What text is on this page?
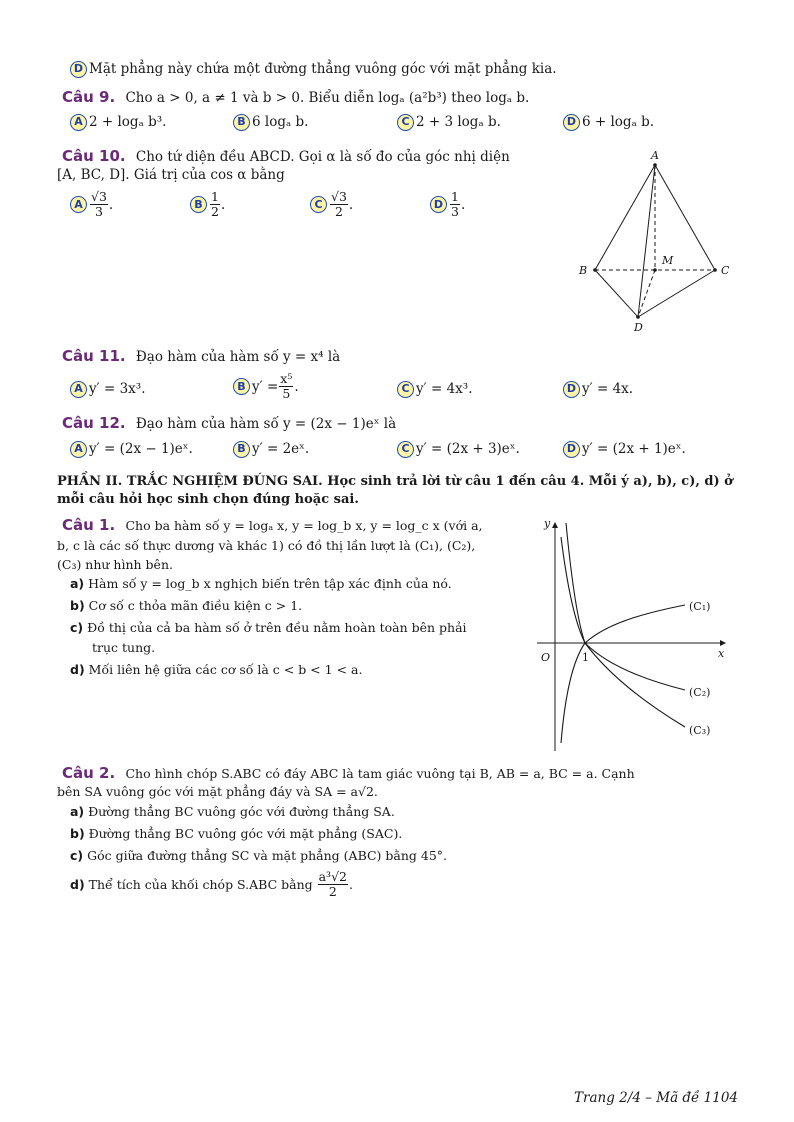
D Mặt phẳng này chứa một đường thẳng vuông góc với mặt phẳng kia.
Câu 9. Cho a > 0, a ≠ 1 và b > 0. Biểu diễn logₐ (a²b³) theo logₐ b.
A 2 + logₐ b³.	B 6 logₐ b.	C 2 + 3 logₐ b.	D 6 + logₐ b.
Câu 10. Cho tứ diện đều ABCD. Gọi α là số đo của góc nhị diện
[A, BC, D]. Giá trị của cos α bằng
A $\frac{√3}{3}$ .	B $\frac{1}{2}$ .	C $\frac{√3}{2}$ .	D $\frac{1}{3}$ .
A
B	C
D
M
Câu 11. Đạo hàm của hàm số y = x⁴ là
A y′ = 3x³.	B $y' = \frac{\text{x⁵}}{5}$ .	C y′ = 4x³.	D y′ = 4x.
Câu 12. Đạo hàm của hàm số y = (2x − 1)eˣ là
A y′ = (2x − 1)eˣ.	B y′ = 2eˣ.	C y′ = (2x + 3)eˣ.	D y′ = (2x + 1)eˣ.
PHẦN II. TRẮC NGHIỆM ĐÚNG SAI. Học sinh trả lời từ câu 1 đến câu 4. Mỗi ý a), b), c), d) ở
mỗi câu hỏi học sinh chọn đúng hoặc sai.
Câu 1. Cho ba hàm số y = logₐ x, y = log_b x, y = log_c x (với a,
b, c là các số thực dương và khác 1) có đồ thị lần lượt là (C₁), (C₂),
(C₃) như hình bên.
a) Hàm số y = log_b x nghịch biến trên tập xác định của nó.
b) Cơ số c thỏa mãn điều kiện c > 1.
c) Đồ thị của cả ba hàm số ở trên đều nằm hoàn toàn bên phải
trục tung.
d) Mối liên hệ giữa các cơ số là c < b < 1 < a.
y
x
O	1
(C₁)
(C₂)
(C₃)
Câu 2. Cho hình chóp S.ABC có đáy ABC là tam giác vuông tại B, AB = a, BC = a. Cạnh
bên SA vuông góc với mặt phẳng đáy và SA = a√2.
a) Đường thẳng BC vuông góc với đường thẳng SA.
b) Đường thẳng BC vuông góc với mặt phẳng (SAC).
c) Góc giữa đường thẳng SC và mặt phẳng (ABC) bằng 45°.
d) Thể tích của khối chóp S.ABC bằng
$\frac{\text{a³√2}}{2}$ .
Trang 2/4 – Mã đề 1104
